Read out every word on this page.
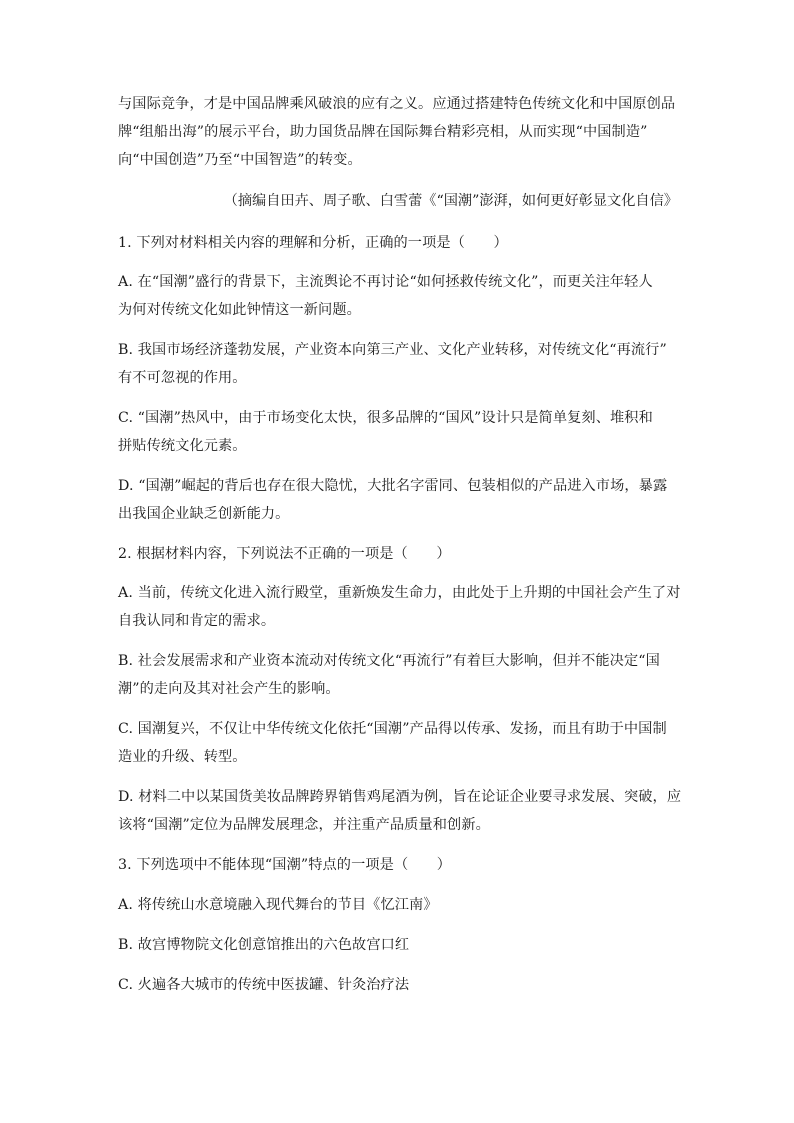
与国际竞争，才是中国品牌乘风破浪的应有之义。应通过搭建特色传统文化和中国原创品
牌“组船出海”的展示平台，助力国货品牌在国际舞台精彩亮相，从而实现“中国制造”
向“中国创造”乃至“中国智造”的转变。
（摘编自田卉、周子歌、白雪蕾《“国潮”澎湃，如何更好彰显文化自信》
1. 下列对材料相关内容的理解和分析，正确的一项是（　　）
A. 在“国潮”盛行的背景下，主流舆论不再讨论“如何拯救传统文化”，而更关注年轻人
为何对传统文化如此钟情这一新问题。
B. 我国市场经济蓬勃发展，产业资本向第三产业、文化产业转移，对传统文化“再流行”
有不可忽视的作用。
C. “国潮”热风中，由于市场变化太快，很多品牌的“国风”设计只是简单复刻、堆积和
拼贴传统文化元素。
D. “国潮”崛起的背后也存在很大隐忧，大批名字雷同、包装相似的产品进入市场，暴露
出我国企业缺乏创新能力。
2. 根据材料内容，下列说法不正确的一项是（　　）
A. 当前，传统文化进入流行殿堂，重新焕发生命力，由此处于上升期的中国社会产生了对
自我认同和肯定的需求。
B. 社会发展需求和产业资本流动对传统文化“再流行”有着巨大影响，但并不能决定“国
潮”的走向及其对社会产生的影响。
C. 国潮复兴，不仅让中华传统文化依托“国潮”产品得以传承、发扬，而且有助于中国制
造业的升级、转型。
D. 材料二中以某国货美妆品牌跨界销售鸡尾酒为例，旨在论证企业要寻求发展、突破，应
该将“国潮”定位为品牌发展理念，并注重产品质量和创新。
3. 下列选项中不能体现“国潮”特点的一项是（　　）
A. 将传统山水意境融入现代舞台的节目《忆江南》
B. 故宫博物院文化创意馆推出的六色故宫口红
C. 火遍各大城市的传统中医拔罐、针灸治疗法
